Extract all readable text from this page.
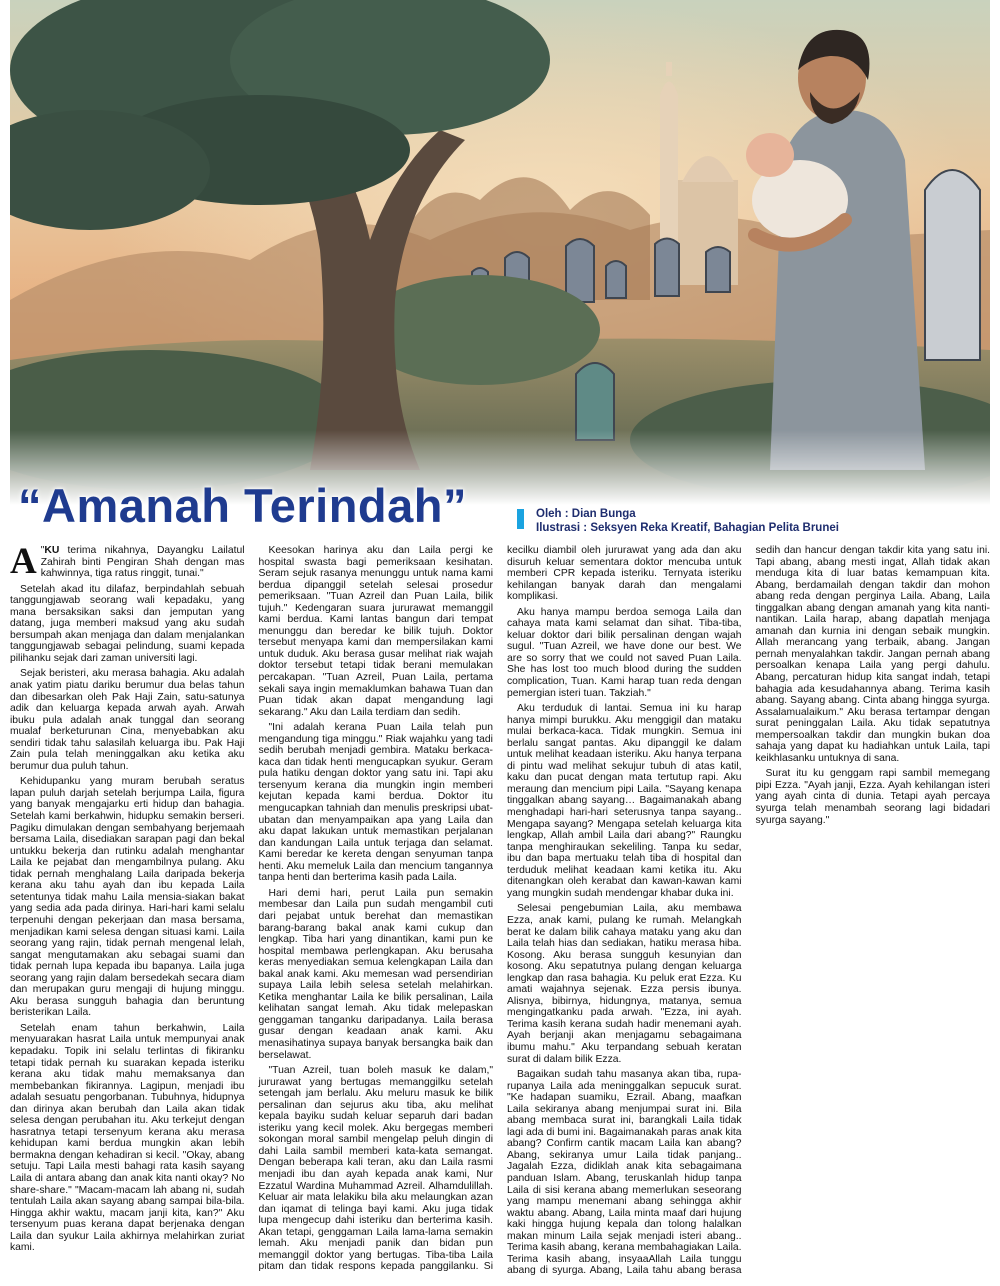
“Amanah Terindah”	Oleh : Dian Bunga
Ilustrasi : Seksyen Reka Kreatif, Bahagian Pelita Brunei

"
A KU terima nikahnya, Dayangku Lailatul Zahirah binti Pengiran Shah dengan mas kahwinnya, tiga ratus ringgit, tunai."

Setelah akad itu dilafaz, berpindahlah sebuah tanggungjawab seorang wali kepadaku, yang mana bersaksikan saksi dan jemputan yang datang, juga memberi maksud yang aku sudah bersumpah akan menjaga dan dalam menjalankan tanggungjawab sebagai pelindung, suami kepada pilihanku sejak dari zaman universiti lagi.

Sejak beristeri, aku merasa bahagia. Aku adalah anak yatim piatu dariku berumur dua belas tahun dan dibesarkan oleh Pak Haji Zain, satu-satunya adik dan keluarga kepada arwah ayah. Arwah ibuku pula adalah anak tunggal dan seorang mualaf berketurunan Cina, menyebabkan aku sendiri tidak tahu salasilah keluarga ibu. Pak Haji Zain pula telah meninggalkan aku ketika aku berumur dua puluh tahun.

Kehidupanku yang muram berubah seratus lapan puluh darjah setelah berjumpa Laila, figura yang banyak mengajarku erti hidup dan bahagia. Setelah kami berkahwin, hidupku semakin berseri. Pagiku dimulakan dengan sembahyang berjemaah bersama Laila, disediakan sarapan pagi dan bekal untukku bekerja dan rutinku adalah menghantar Laila ke pejabat dan mengambilnya pulang. Aku tidak pernah menghalang Laila daripada bekerja kerana aku tahu ayah dan ibu kepada Laila setentunya tidak mahu Laila mensia-siakan bakat yang sedia ada pada dirinya. Hari-hari kami selalu terpenuhi dengan pekerjaan dan masa bersama, menjadikan kami selesa dengan situasi kami. Laila seorang yang rajin, tidak pernah mengenal lelah, sangat mengutamakan aku sebagai suami dan tidak pernah lupa kepada ibu bapanya. Laila juga seorang yang rajin dalam bersedekah secara diam dan merupakan guru mengaji di hujung minggu. Aku berasa sungguh bahagia dan beruntung beristerikan Laila.

Setelah enam tahun berkahwin, Laila menyuarakan hasrat Laila untuk mempunyai anak kepadaku. Topik ini selalu terlintas di fikiranku tetapi tidak pernah ku suarakan kepada isteriku kerana aku tidak mahu memaksanya dan membebankan fikirannya. Lagipun, menjadi ibu adalah sesuatu pengorbanan. Tubuhnya, hidupnya dan dirinya akan berubah dan Laila akan tidak selesa dengan perubahan itu. Aku terkejut dengan hasratnya tetapi tersenyum kerana aku merasa kehidupan kami berdua mungkin akan lebih bermakna dengan kehadiran si kecil. "Okay, abang setuju. Tapi Laila mesti bahagi rata kasih sayang Laila di antara abang dan anak kita nanti okay? No share-share." "Macam-macam lah abang ni, sudah tentulah Laila akan sayang abang sampai bila-bila. Hingga akhir waktu, macam janji kita, kan?" Aku tersenyum puas kerana dapat berjenaka dengan Laila dan syukur Laila akhirnya melahirkan zuriat kami.

Keesokan harinya aku dan Laila pergi ke hospital swasta bagi pemeriksaan kesihatan. Seram sejuk rasanya menunggu untuk nama kami berdua dipanggil setelah selesai prosedur pemeriksaan. "Tuan Azreil dan Puan Laila, bilik tujuh." Kedengaran suara jururawat memanggil kami berdua. Kami lantas bangun dari tempat menunggu dan beredar ke bilik tujuh. Doktor tersebut menyapa kami dan mempersilakan kami untuk duduk. Aku berasa gusar melihat riak wajah doktor tersebut tetapi tidak berani memulakan percakapan. "Tuan Azreil, Puan Laila, pertama sekali saya ingin memaklumkan bahawa Tuan dan Puan tidak akan dapat mengandung lagi sekarang." Aku dan Laila terdiam dan sedih.

"Ini adalah kerana Puan Laila telah pun mengandung tiga minggu." Riak wajahku yang tadi sedih berubah menjadi gembira. Mataku berkaca-kaca dan tidak henti mengucapkan syukur. Geram pula hatiku dengan doktor yang satu ini. Tapi aku tersenyum kerana dia mungkin ingin memberi kejutan kepada kami berdua. Doktor itu mengucapkan tahniah dan menulis preskripsi ubat-ubatan dan menyampaikan apa yang Laila dan aku dapat lakukan untuk memastikan perjalanan dan kandungan Laila untuk terjaga dan selamat. Kami beredar ke kereta dengan senyuman tanpa henti. Aku memeluk Laila dan mencium tangannya tanpa henti dan berterima kasih pada Laila.

Hari demi hari, perut Laila pun semakin membesar dan Laila pun sudah mengambil cuti dari pejabat untuk berehat dan memastikan barang-barang bakal anak kami cukup dan lengkap. Tiba hari yang dinantikan, kami pun ke hospital membawa perlengkapan. Aku berusaha keras menyediakan semua kelengkapan Laila dan bakal anak kami. Aku memesan wad persendirian supaya Laila lebih selesa setelah melahirkan. Ketika menghantar Laila ke bilik persalinan, Laila kelihatan sangat lemah. Aku tidak melepaskan genggaman tanganku daripadanya. Laila berasa gusar dengan keadaan anak kami. Aku menasihatinya supaya banyak bersangka baik dan berselawat.

"Tuan Azreil, tuan boleh masuk ke dalam," jururawat yang bertugas memanggilku setelah setengah jam berlalu. Aku meluru masuk ke bilik persalinan dan sejurus aku tiba, aku melihat kepala bayiku sudah keluar separuh dari badan isteriku yang kecil molek. Aku bergegas memberi sokongan moral sambil mengelap peluh dingin di dahi Laila sambil memberi kata-kata semangat. Dengan beberapa kali teran, aku dan Laila rasmi menjadi ibu dan ayah kepada anak kami, Nur Ezzatul Wardina Muhammad Azreil. Alhamdulillah. Keluar air mata lelakiku bila aku melaungkan azan dan iqamat di telinga bayi kami. Aku juga tidak lupa mengecup dahi isteriku dan berterima kasih. Akan tetapi, genggaman Laila lama-lama semakin lemah. Aku menjadi panik dan bidan pun memanggil doktor yang bertugas. Tiba-tiba Laila pitam dan tidak respons kepada panggilanku. Si kecilku diambil oleh jururawat yang ada dan aku disuruh keluar sementara doktor mencuba untuk memberi CPR kepada isteriku. Ternyata isteriku kehilangan banyak darah dan mengalami komplikasi.

Aku hanya mampu berdoa semoga Laila dan cahaya mata kami selamat dan sihat. Tiba-tiba, keluar doktor dari bilik persalinan dengan wajah sugul. "Tuan Azreil, we have done our best. We are so sorry that we could not saved Puan Laila. She has lost too much blood during the sudden complication, Tuan. Kami harap tuan reda dengan pemergian isteri tuan. Takziah."

Aku terduduk di lantai. Semua ini ku harap hanya mimpi burukku. Aku menggigil dan mataku mulai berkaca-kaca. Tidak mungkin. Semua ini berlalu sangat pantas. Aku dipanggil ke dalam untuk melihat keadaan isteriku. Aku hanya terpana di pintu wad melihat sekujur tubuh di atas katil, kaku dan pucat dengan mata tertutup rapi. Aku meraung dan mencium pipi Laila. "Sayang kenapa tinggalkan abang sayang… Bagaimanakah abang menghadapi hari-hari seterusnya tanpa sayang.. Mengapa sayang? Mengapa setelah keluarga kita lengkap, Allah ambil Laila dari abang?" Raungku tanpa menghiraukan sekeliling. Tanpa ku sedar, ibu dan bapa mertuaku telah tiba di hospital dan terduduk melihat keadaan kami ketika itu. Aku ditenangkan oleh kerabat dan kawan-kawan kami yang mungkin sudah mendengar khabar duka ini.

Selesai pengebumian Laila, aku membawa Ezza, anak kami, pulang ke rumah. Melangkah berat ke dalam bilik cahaya mataku yang aku dan Laila telah hias dan sediakan, hatiku merasa hiba. Kosong. Aku berasa sungguh kesunyian dan kosong. Aku sepatutnya pulang dengan keluarga lengkap dan rasa bahagia. Ku peluk erat Ezza. Ku amati wajahnya sejenak. Ezza persis ibunya. Alisnya, bibirnya, hidungnya, matanya, semua mengingatkanku pada arwah. "Ezza, ini ayah. Terima kasih kerana sudah hadir menemani ayah. Ayah berjanji akan menjagamu sebagaimana ibumu mahu." Aku terpandang sebuah keratan surat di dalam bilik Ezza.

Bagaikan sudah tahu masanya akan tiba, rupa-rupanya Laila ada meninggalkan sepucuk surat. "Ke hadapan suamiku, Ezrail. Abang, maafkan Laila sekiranya abang menjumpai surat ini. Bila abang membaca surat ini, barangkali Laila tidak lagi ada di bumi ini. Bagaimanakah paras anak kita abang? Confirm cantik macam Laila kan abang? Abang, sekiranya umur Laila tidak panjang.. Jagalah Ezza, didiklah anak kita sebagaimana panduan Islam. Abang, teruskanlah hidup tanpa Laila di sisi kerana abang memerlukan seseorang yang mampu menemani abang sehingga akhir waktu abang. Abang, Laila minta maaf dari hujung kaki hingga hujung kepala dan tolong halalkan makan minum Laila sejak menjadi isteri abang.. Terima kasih abang, kerana membahagiakan Laila. Terima kasih abang, insyaaAllah Laila tunggu abang di syurga. Abang, Laila tahu abang berasa sedih dan hancur dengan takdir kita yang satu ini. Tapi abang, abang mesti ingat, Allah tidak akan menduga kita di luar batas kemampuan kita. Abang, berdamailah dengan takdir dan mohon abang reda dengan perginya Laila. Abang, Laila tinggalkan abang dengan amanah yang kita nanti-nantikan. Laila harap, abang dapatlah menjaga amanah dan kurnia ini dengan sebaik mungkin. Allah merancang yang terbaik, abang. Jangan pernah menyalahkan takdir. Jangan pernah abang persoalkan kenapa Laila yang pergi dahulu. Abang, percaturan hidup kita sangat indah, tetapi bahagia ada kesudahannya abang. Terima kasih abang. Sayang abang. Cinta abang hingga syurga. Assalamualaikum." Aku berasa tertampar dengan surat peninggalan Laila. Aku tidak sepatutnya mempersoalkan takdir dan mungkin bukan doa sahaja yang dapat ku hadiahkan untuk Laila, tapi keikhlasanku untuknya di sana.

Surat itu ku genggam rapi sambil memegang pipi Ezza. "Ayah janji, Ezza. Ayah kehilangan isteri yang ayah cinta di dunia. Tetapi ayah percaya syurga telah menambah seorang lagi bidadari syurga sayang."
